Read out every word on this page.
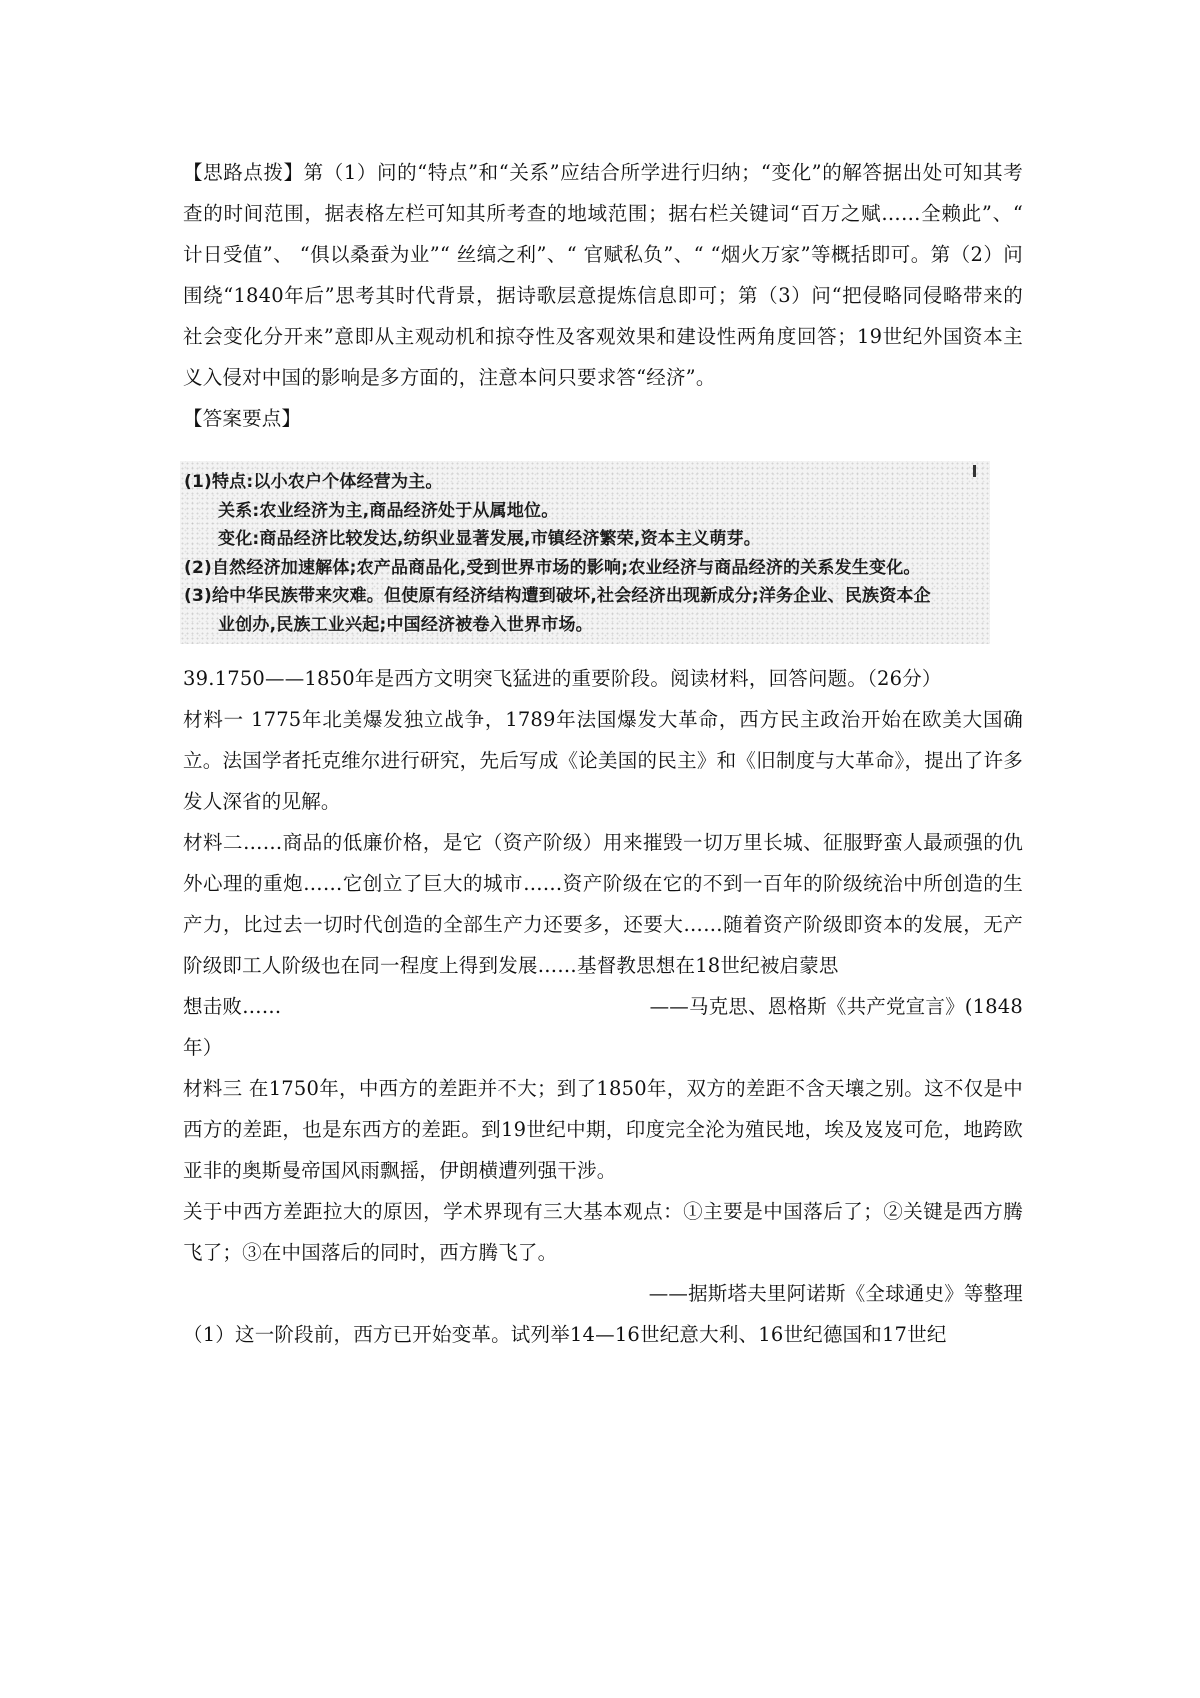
【思路点拨】第（1）问的“特点”和“关系”应结合所学进行归纳；“变化”的解答据出处可知其考查的时间范围，据表格左栏可知其所考查的地域范围；据右栏关键词“百万之赋……全赖此”、“ 计日受值”、 “俱以桑蚕为业”“ 丝缟之利”、“ 官赋私负”、“ “烟火万家”等概括即可。第（2）问围绕“1840年后”思考其时代背景，据诗歌层意提炼信息即可；第（3）问“把侵略同侵略带来的社会变化分开来”意即从主观动机和掠夺性及客观效果和建设性两角度回答；19世纪外国资本主义入侵对中国的影响是多方面的，注意本问只要求答“经济”。

【答案要点】

(1)特点:以小农户个体经营为主。
关系:农业经济为主,商品经济处于从属地位。
变化:商品经济比较发达,纺织业显著发展,市镇经济繁荣,资本主义萌芽。
(2)自然经济加速解体;农产品商品化,受到世界市场的影响;农业经济与商品经济的关系发生变化。
(3)给中华民族带来灾难。但使原有经济结构遭到破坏,社会经济出现新成分;洋务企业、民族资本企
业创办,民族工业兴起;中国经济被卷入世界市场。

39.1750——1850年是西方文明突飞猛进的重要阶段。阅读材料，回答问题。（26分）

材料一 1775年北美爆发独立战争，1789年法国爆发大革命，西方民主政治开始在欧美大国确立。法国学者托克维尔进行研究，先后写成《论美国的民主》和《旧制度与大革命》，提出了许多发人深省的见解。

材料二……商品的低廉价格，是它（资产阶级）用来摧毁一切万里长城、征服野蛮人最顽强的仇外心理的重炮……它创立了巨大的城市……资产阶级在它的不到一百年的阶级统治中所创造的生产力，比过去一切时代创造的全部生产力还要多，还要大……随着资产阶级即资本的发展，无产阶级即工人阶级也在同一程度上得到发展……基督教思想在18世纪被启蒙思

想击败……	——马克思、恩格斯《共产党宣言》(1848

年）

材料三 在1750年，中西方的差距并不大；到了1850年，双方的差距不含天壤之别。这不仅是中西方的差距，也是东西方的差距。到19世纪中期，印度完全沦为殖民地，埃及岌岌可危，地跨欧亚非的奥斯曼帝国风雨飘摇，伊朗横遭列强干涉。

关于中西方差距拉大的原因，学术界现有三大基本观点：①主要是中国落后了；②关键是西方腾飞了；③在中国落后的同时，西方腾飞了。

——据斯塔夫里阿诺斯《全球通史》等整理

（1）这一阶段前，西方已开始变革。试列举14—16世纪意大利、16世纪德国和17世纪
